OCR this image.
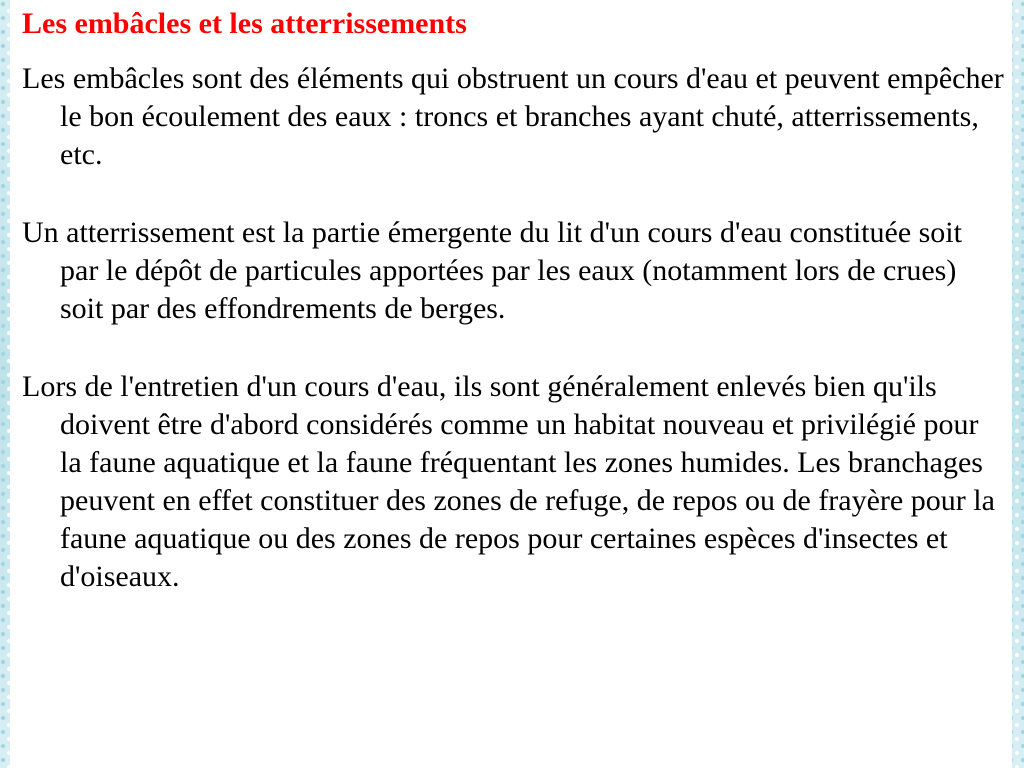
Les embâcles et les atterrissements

Les embâcles sont des éléments qui obstruent un cours d'eau et peuvent empêcher le bon écoulement des eaux : troncs et branches ayant chuté, atterrissements, etc.

Un atterrissement est la partie émergente du lit d'un cours d'eau constituée soit par le dépôt de particules apportées par les eaux (notamment lors de crues) soit par des effondrements de berges.

Lors de l'entretien d'un cours d'eau, ils sont généralement enlevés bien qu'ils doivent être d'abord considérés comme un habitat nouveau et privilégié pour la faune aquatique et la faune fréquentant les zones humides. Les branchages peuvent en effet constituer des zones de refuge, de repos ou de frayère pour la faune aquatique ou des zones de repos pour certaines espèces d'insectes et d'oiseaux.
